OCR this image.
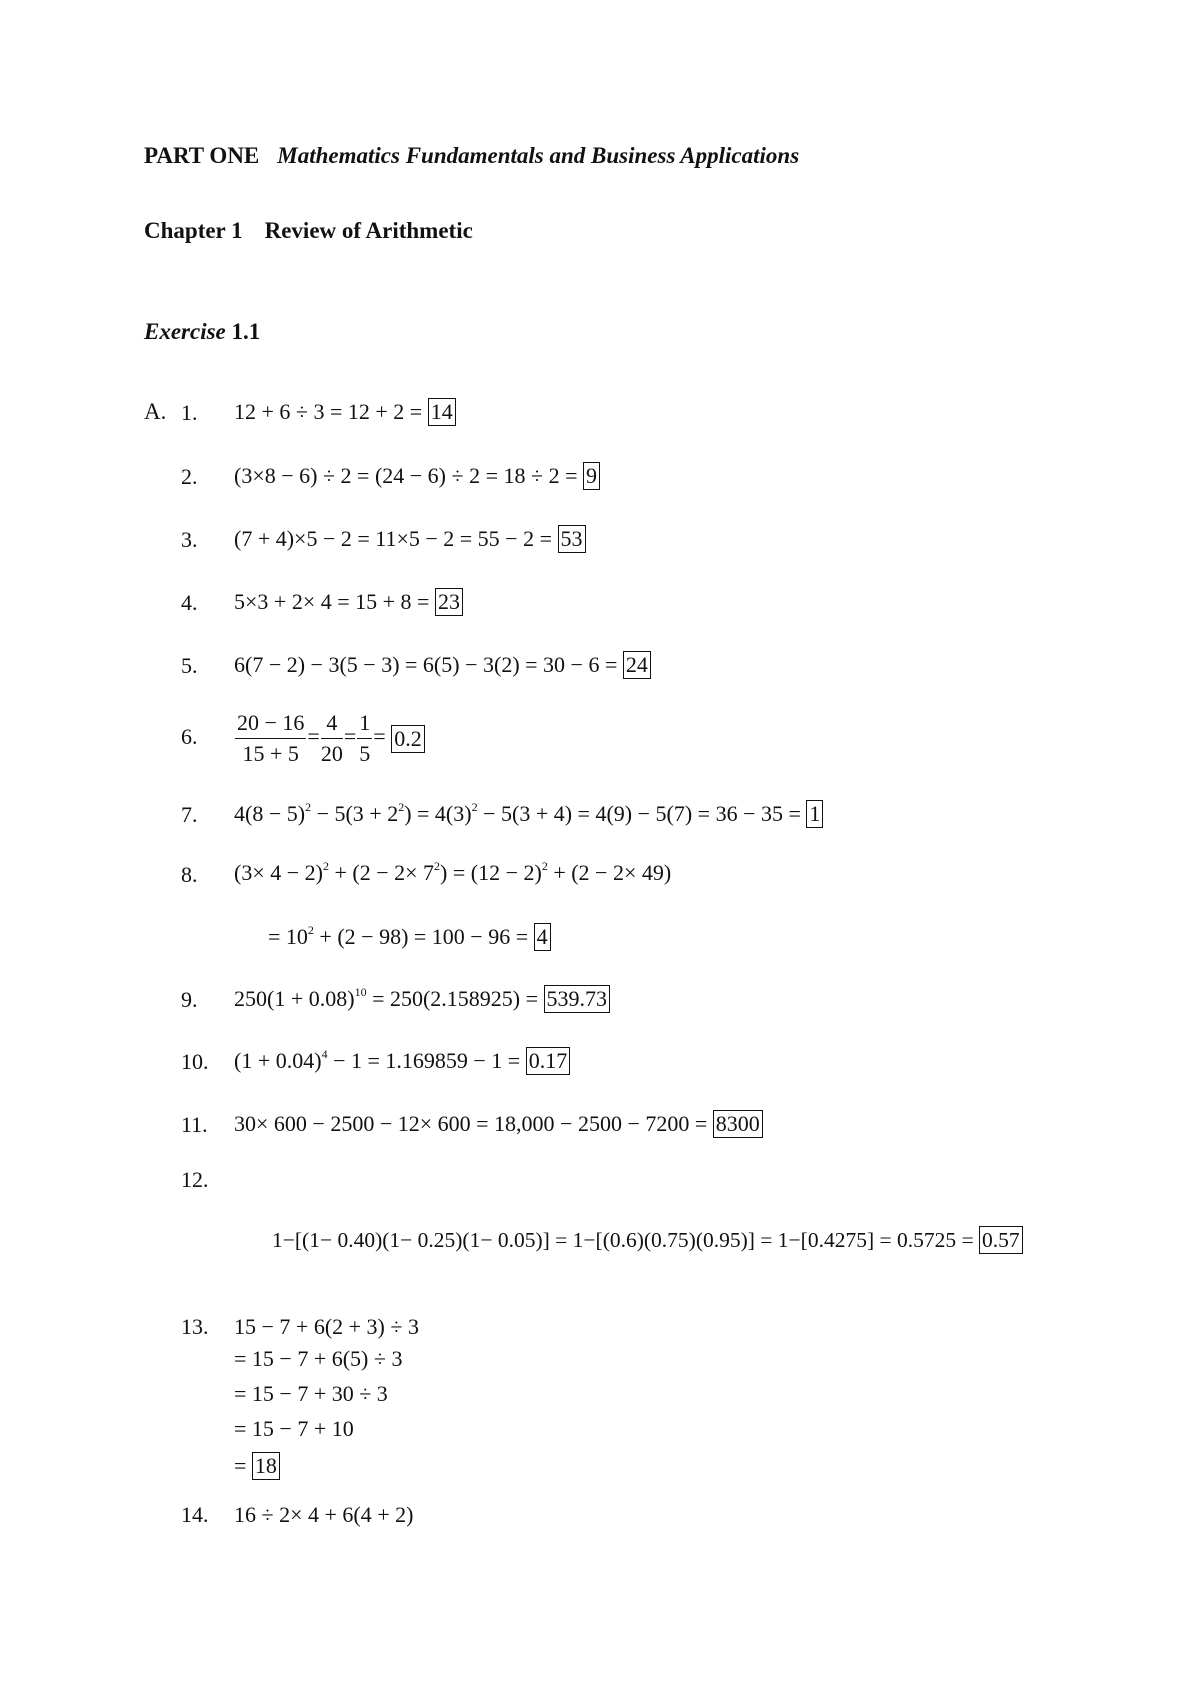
PART ONE Mathematics Fundamentals and Business Applications
Chapter 1 Review of Arithmetic
Exercise 1.1
A. 1. 12 + 6 ÷ 3 = 12 + 2 = 14
2. (3×8 − 6) ÷ 2 = (24 − 6) ÷ 2 = 18 ÷ 2 = 9
3. (7 + 4)×5 − 2 = 11×5 − 2 = 55 − 2 = 53
4. 5×3 + 2× 4 = 15 + 8 = 23
5. 6(7 − 2) − 3(5 − 3) = 6(5) − 3(2) = 30 − 6 = 24
6. $\frac{20 - 16}{15 + 5} = \frac{4}{20} = \frac{1}{5} = 0.2$
7. $4(8 - 5)^2 - 5(3 + 2^2) = 4(3)^2 - 5(3 + 4) = 4(9) - 5(7) = 36 - 35 = 1$
8. $(3\times 4 - 2)^2 + (2 - 2\times 7^2) = (12 - 2)^2 + (2 - 2\times 49)$
= $10^2 + (2 - 98) = 100 - 96 = 4$
9. $250(1 + 0.08)^{10} = 250(2.158925) = 539.73$
10. $(1 + 0.04)^4 - 1 = 1.169859 - 1 = 0.17$
11. 30× 600 − 2500 − 12× 600 = 18,000 − 2500 − 7200 = 8300
12.
1−[(1− 0.40)(1− 0.25)(1− 0.05)] = 1−[(0.6)(0.75)(0.95)] = 1−[0.4275] = 0.5725 = 0.57
13. 15 − 7 + 6(2 + 3) ÷ 3
= 15 − 7 + 6(5) ÷ 3
= 15 − 7 + 30 ÷ 3
= 15 − 7 + 10
= 18
14. 16 ÷ 2× 4 + 6(4 + 2)
